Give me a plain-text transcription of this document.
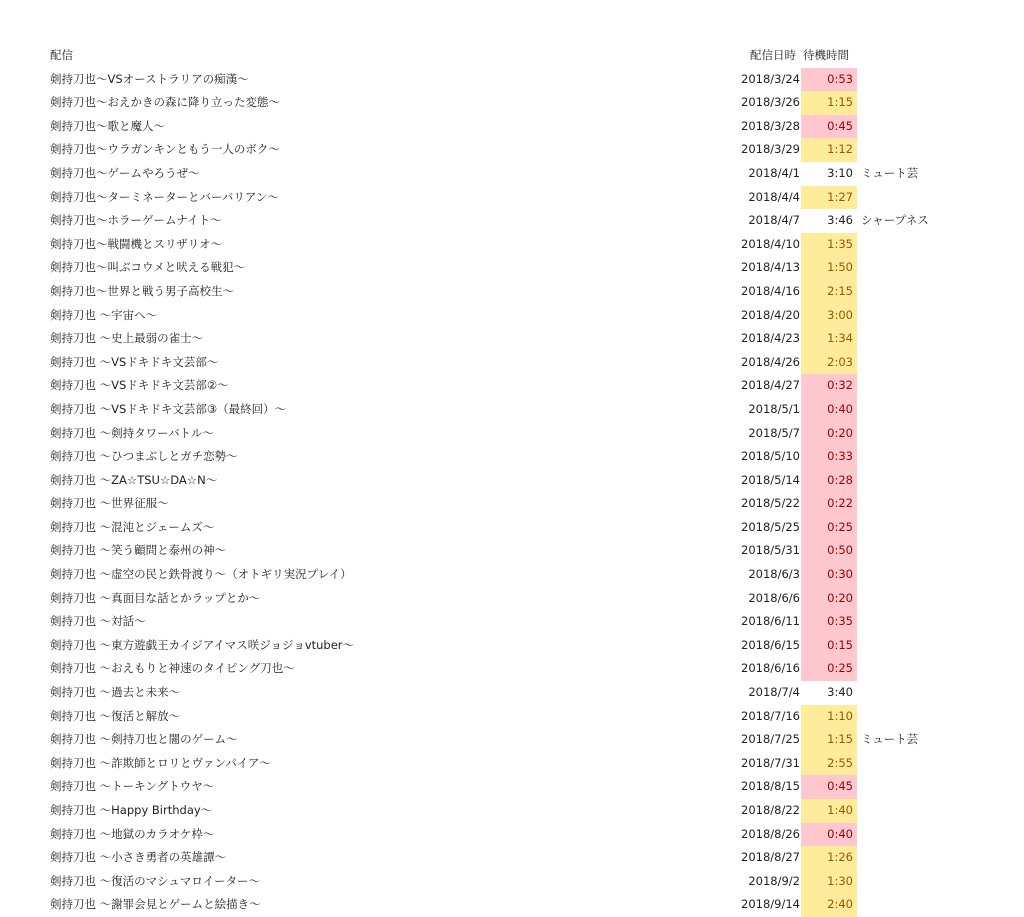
配信	配信日時 待機時間
剣持刀也～VSオーストラリアの痴漢～	2018/3/24	0:53
剣持刀也～おえかきの森に降り立った変態～	2018/3/26	1:15
剣持刀也～歌と魔人～	2018/3/28	0:45
剣持刀也～ウラガンキンともう一人のボク～	2018/3/29	1:12
剣持刀也～ゲームやろうぜ～	2018/4/1	3:10 ミュート芸
剣持刀也～ターミネーターとバーバリアン～	2018/4/4	1:27
剣持刀也～ホラーゲームナイト～	2018/4/7	3:46 シャープネス
剣持刀也～戦闘機とスリザリオ～	2018/4/10	1:35
剣持刀也～叫ぶコウメと吠える戦犯～	2018/4/13	1:50
剣持刀也～世界と戦う男子高校生～	2018/4/16	2:15
剣持刀也 ～宇宙へ～	2018/4/20	3:00
剣持刀也 ～史上最弱の雀士～	2018/4/23	1:34
剣持刀也 ～VSドキドキ文芸部～	2018/4/26	2:03
剣持刀也 ～VSドキドキ文芸部②～	2018/4/27	0:32
剣持刀也 ～VSドキドキ文芸部③（最終回）～	2018/5/1	0:40
剣持刀也 ～剣持タワーバトル～	2018/5/7	0:20
剣持刀也 ～ひつまぶしとガチ恋勢～	2018/5/10	0:33
剣持刀也 ～ZA☆TSU☆DA☆N～	2018/5/14	0:28
剣持刀也 ～世界征服～	2018/5/22	0:22
剣持刀也 ～混沌とジェームズ～	2018/5/25	0:25
剣持刀也 ～笑う顧問と泰州の神～	2018/5/31	0:50
剣持刀也 ～虚空の民と鉄骨渡り～（オトギリ実況プレイ）	2018/6/3	0:30
剣持刀也 ～真面目な話とかラップとか～	2018/6/6	0:20
剣持刀也 ～対話～	2018/6/11	0:35
剣持刀也 ～東方遊戯王カイジアイマス咲ジョジョvtuber～	2018/6/15	0:15
剣持刀也 ～おえもりと神速のタイピング刀也～	2018/6/16	0:25
剣持刀也 ～過去と未来～	2018/7/4	3:40
剣持刀也 ～復活と解放～	2018/7/16	1:10
剣持刀也 ～剣持刀也と闇のゲーム～	2018/7/25	1:15 ミュート芸
剣持刀也 ～詐欺師とロリとヴァンパイア～	2018/7/31	2:55
剣持刀也 ～トーキングトウヤ～	2018/8/15	0:45
剣持刀也 ～Happy Birthday～	2018/8/22	1:40
剣持刀也 ～地獄のカラオケ枠～	2018/8/26	0:40
剣持刀也 ～小さき勇者の英雄譚～	2018/8/27	1:26
剣持刀也 ～復活のマシュマロイーター～	2018/9/2	1:30
剣持刀也 ～謝罪会見とゲームと絵描き～	2018/9/14	2:40
